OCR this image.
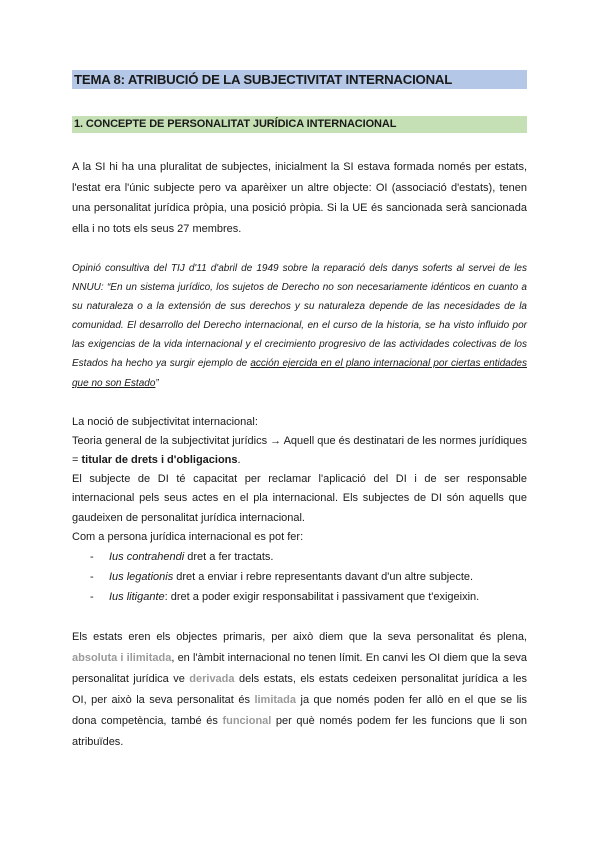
TEMA 8: ATRIBUCIÓ DE LA SUBJECTIVITAT INTERNACIONAL
1. CONCEPTE DE PERSONALITAT JURÍDICA INTERNACIONAL

A la SI hi ha una pluralitat de subjectes, inicialment la SI estava formada només per estats, l'estat era l'únic subjecte pero va aparèixer un altre objecte: OI (associació d'estats), tenen una personalitat jurídica pròpia, una posició pròpia. Si la UE és sancionada serà sancionada ella i no tots els seus 27 membres.

Opinió consultiva del TIJ d'11 d'abril de 1949 sobre la reparació dels danys soferts al servei de les NNUU: “En un sistema jurídico, los sujetos de Derecho no son necesariamente idénticos en cuanto a su naturaleza o a la extensión de sus derechos y su naturaleza depende de las necesidades de la comunidad. El desarrollo del Derecho internacional, en el curso de la historia, se ha visto influido por las exigencias de la vida internacional y el crecimiento progresivo de las actividades colectivas de los Estados ha hecho ya surgir ejemplo de acción ejercida en el plano internacional por ciertas entidades que no son Estado”

La noció de subjectivitat internacional:

Teoria general de la subjectivitat jurídics → Aquell que és destinatari de les normes jurídiques = titular de drets i d'obligacions.

El subjecte de DI té capacitat per reclamar l'aplicació del DI i de ser responsable internacional pels seus actes en el pla internacional. Els subjectes de DI són aquells que gaudeixen de personalitat jurídica internacional.

Com a persona jurídica internacional es pot fer:

- Ius contrahendi dret a fer tractats.
- Ius legationis dret a enviar i rebre representants davant d'un altre subjecte.
- Ius litigante: dret a poder exigir responsabilitat i passivament que t'exigeixin.

Els estats eren els objectes primaris, per això diem que la seva personalitat és plena, absoluta i ilimitada, en l'àmbit internacional no tenen límit. En canvi les OI diem que la seva personalitat jurídica ve derivada dels estats, els estats cedeixen personalitat jurídica a les OI, per això la seva personalitat és limitada ja que només poden fer allò en el que se lis dona competència, també és funcional per què només podem fer les funcions que li son atribuïdes.
